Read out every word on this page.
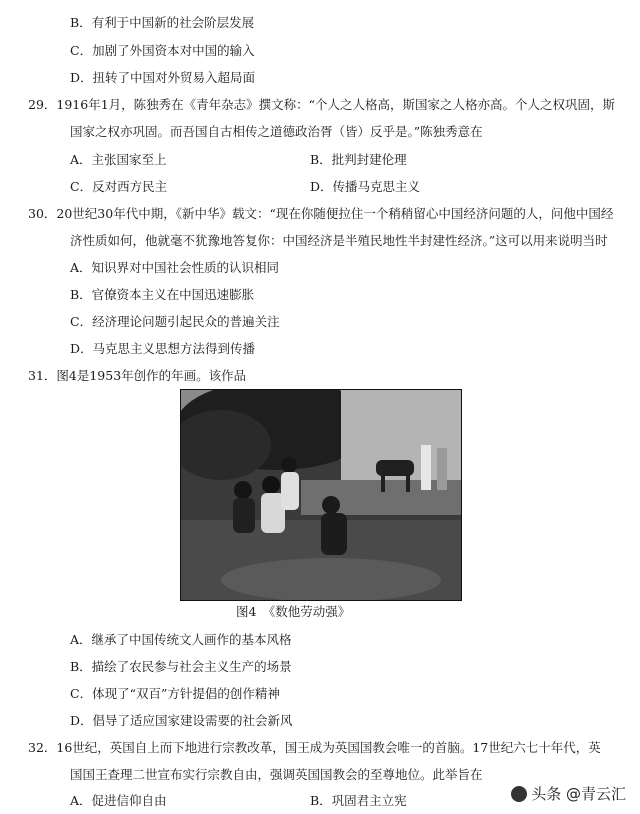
B．有利于中国新的社会阶层发展
C．加剧了外国资本对中国的输入
D．扭转了中国对外贸易入超局面
29．1916年1月，陈独秀在《青年杂志》撰文称：“个人之人格高，斯国家之人格亦高。个人之权巩固，斯
国家之权亦巩固。而吾国自古相传之道德政治胥（皆）反乎是。”陈独秀意在
A．主张国家至上	B．批判封建伦理
C．反对西方民主	D．传播马克思主义
30．20世纪30年代中期，《新中华》载文：“现在你随便拉住一个稍稍留心中国经济问题的人，问他中国经
济性质如何，他就毫不犹豫地答复你：中国经济是半殖民地性半封建性经济。”这可以用来说明当时
A．知识界对中国社会性质的认识相同
B．官僚资本主义在中国迅速膨胀
C．经济理论问题引起民众的普遍关注
D．马克思主义思想方法得到传播
31．图4是1953年创作的年画。该作品
图4　《数他劳动强》
A．继承了中国传统文人画作的基本风格
B．描绘了农民参与社会主义生产的场景
C．体现了“双百”方针提倡的创作精神
D．倡导了适应国家建设需要的社会新风
32．16世纪，英国自上而下地进行宗教改革，国王成为英国国教会唯一的首脑。17世纪六七十年代，英
国国王查理二世宣布实行宗教自由，强调英国国教会的至尊地位。此举旨在
A．促进信仰自由	B．巩固君主立宪	头条 @青云汇
